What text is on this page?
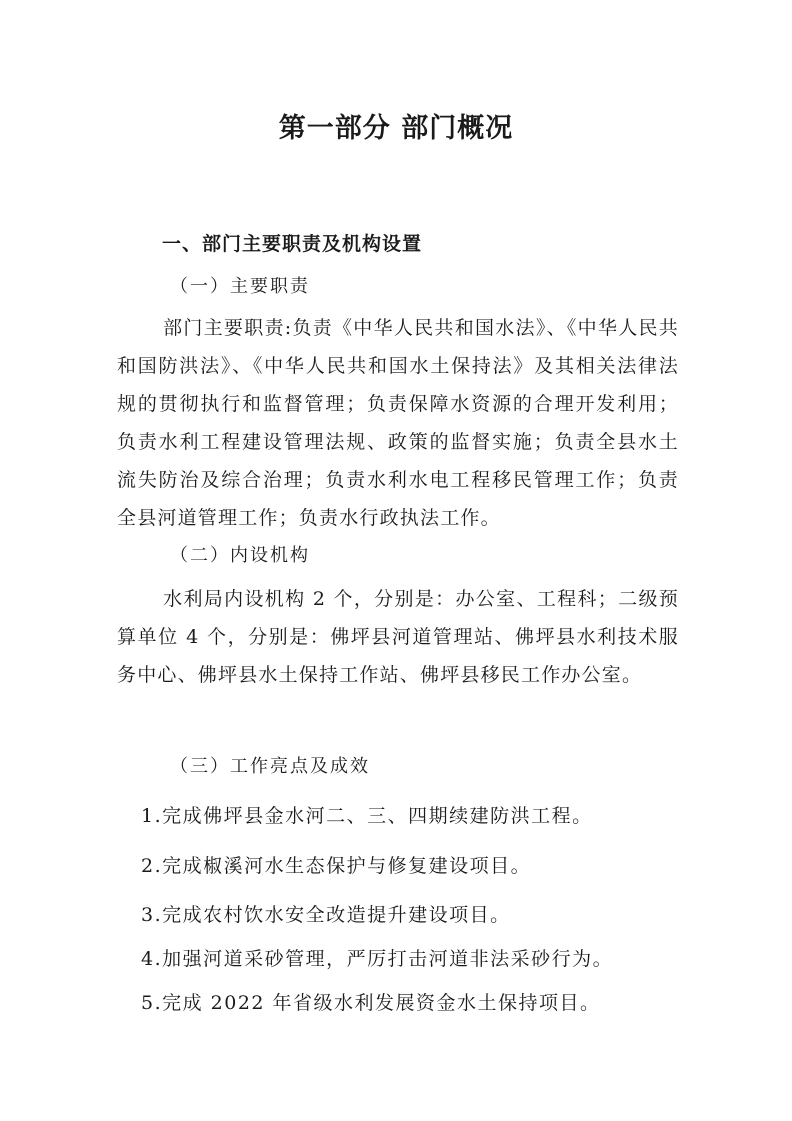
第一部分 部门概况
一、部门主要职责及机构设置
（一）主要职责

部门主要职责:负责《中华人民共和国水法》、《中华人民共和国防洪法》、《中华人民共和国水土保持法》及其相关法律法规的贯彻执行和监督管理；负责保障水资源的合理开发利用；负责水利工程建设管理法规、政策的监督实施；负责全县水土流失防治及综合治理；负责水利水电工程移民管理工作；负责全县河道管理工作；负责水行政执法工作。

（二）内设机构

水利局内设机构 2 个，分别是：办公室、工程科；二级预算单位 4 个，分别是：佛坪县河道管理站、佛坪县水利技术服务中心、佛坪县水土保持工作站、佛坪县移民工作办公室。

（三）工作亮点及成效
1.完成佛坪县金水河二、三、四期续建防洪工程。
2.完成椒溪河水生态保护与修复建设项目。
3.完成农村饮水安全改造提升建设项目。
4.加强河道采砂管理，严厉打击河道非法采砂行为。
5.完成 2022 年省级水利发展资金水土保持项目。
